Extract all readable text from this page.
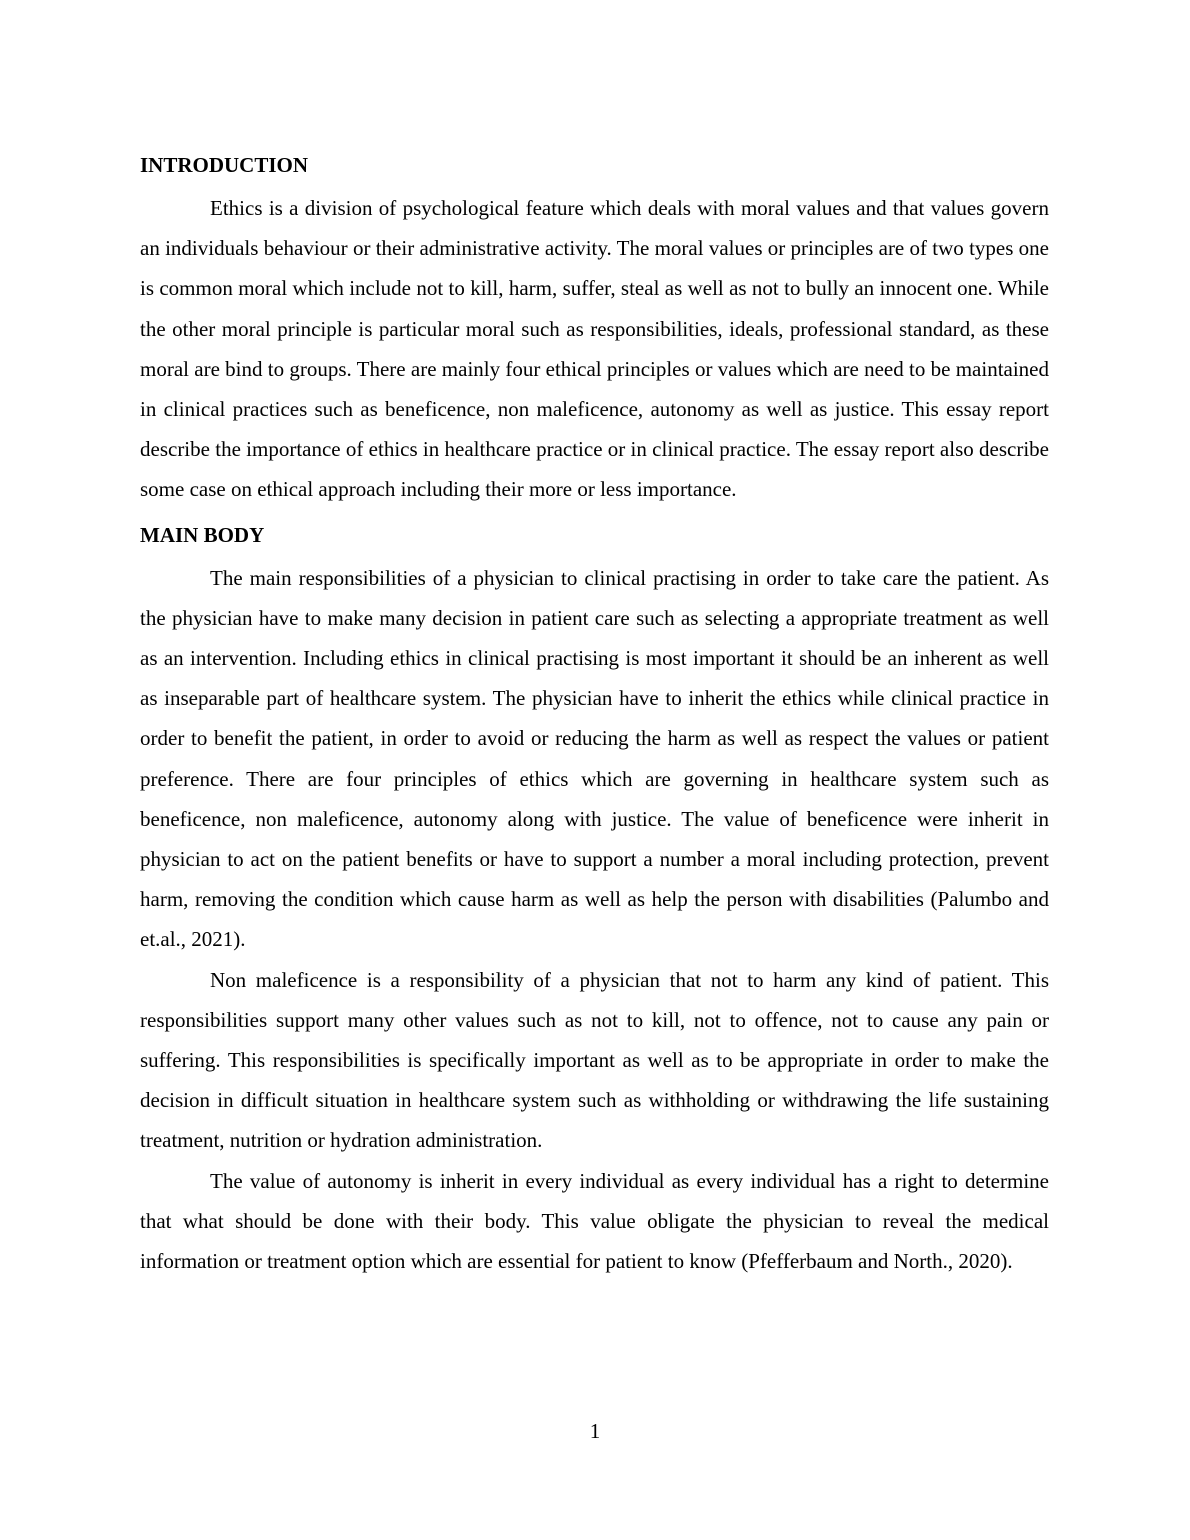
INTRODUCTION

Ethics is a division of psychological feature which deals with moral values and that values govern an individuals behaviour or their administrative activity. The moral values or principles are of two types one is common moral which include not to kill, harm, suffer, steal as well as not to bully an innocent one. While the other moral principle is particular moral such as responsibilities, ideals, professional standard, as these moral are bind to groups. There are mainly four ethical principles or values which are need to be maintained in clinical practices such as beneficence, non maleficence, autonomy as well as justice. This essay report describe the importance of ethics in healthcare practice or in clinical practice. The essay report also describe some case on ethical approach including their more or less importance.

MAIN BODY

The main responsibilities of a physician to clinical practising in order to take care the patient. As the physician have to make many decision in patient care such as selecting a appropriate treatment as well as an intervention. Including ethics in clinical practising is most important it should be an inherent as well as inseparable part of healthcare system. The physician have to inherit the ethics while clinical practice in order to benefit the patient, in order to avoid or reducing the harm as well as respect the values or patient preference. There are four principles of ethics which are governing in healthcare system such as beneficence, non maleficence, autonomy along with justice. The value of beneficence were inherit in physician to act on the patient benefits or have to support a number a moral including protection, prevent harm, removing the condition which cause harm as well as help the person with disabilities (Palumbo and et.al., 2021).

Non maleficence is a responsibility of a physician that not to harm any kind of patient. This responsibilities support many other values such as not to kill, not to offence, not to cause any pain or suffering. This responsibilities is specifically important as well as to be appropriate in order to make the decision in difficult situation in healthcare system such as withholding or withdrawing the life sustaining treatment, nutrition or hydration administration.

The value of autonomy is inherit in every individual as every individual has a right to determine that what should be done with their body. This value obligate the physician to reveal the medical information or treatment option which are essential for patient to know (Pfefferbaum and North., 2020).

1
